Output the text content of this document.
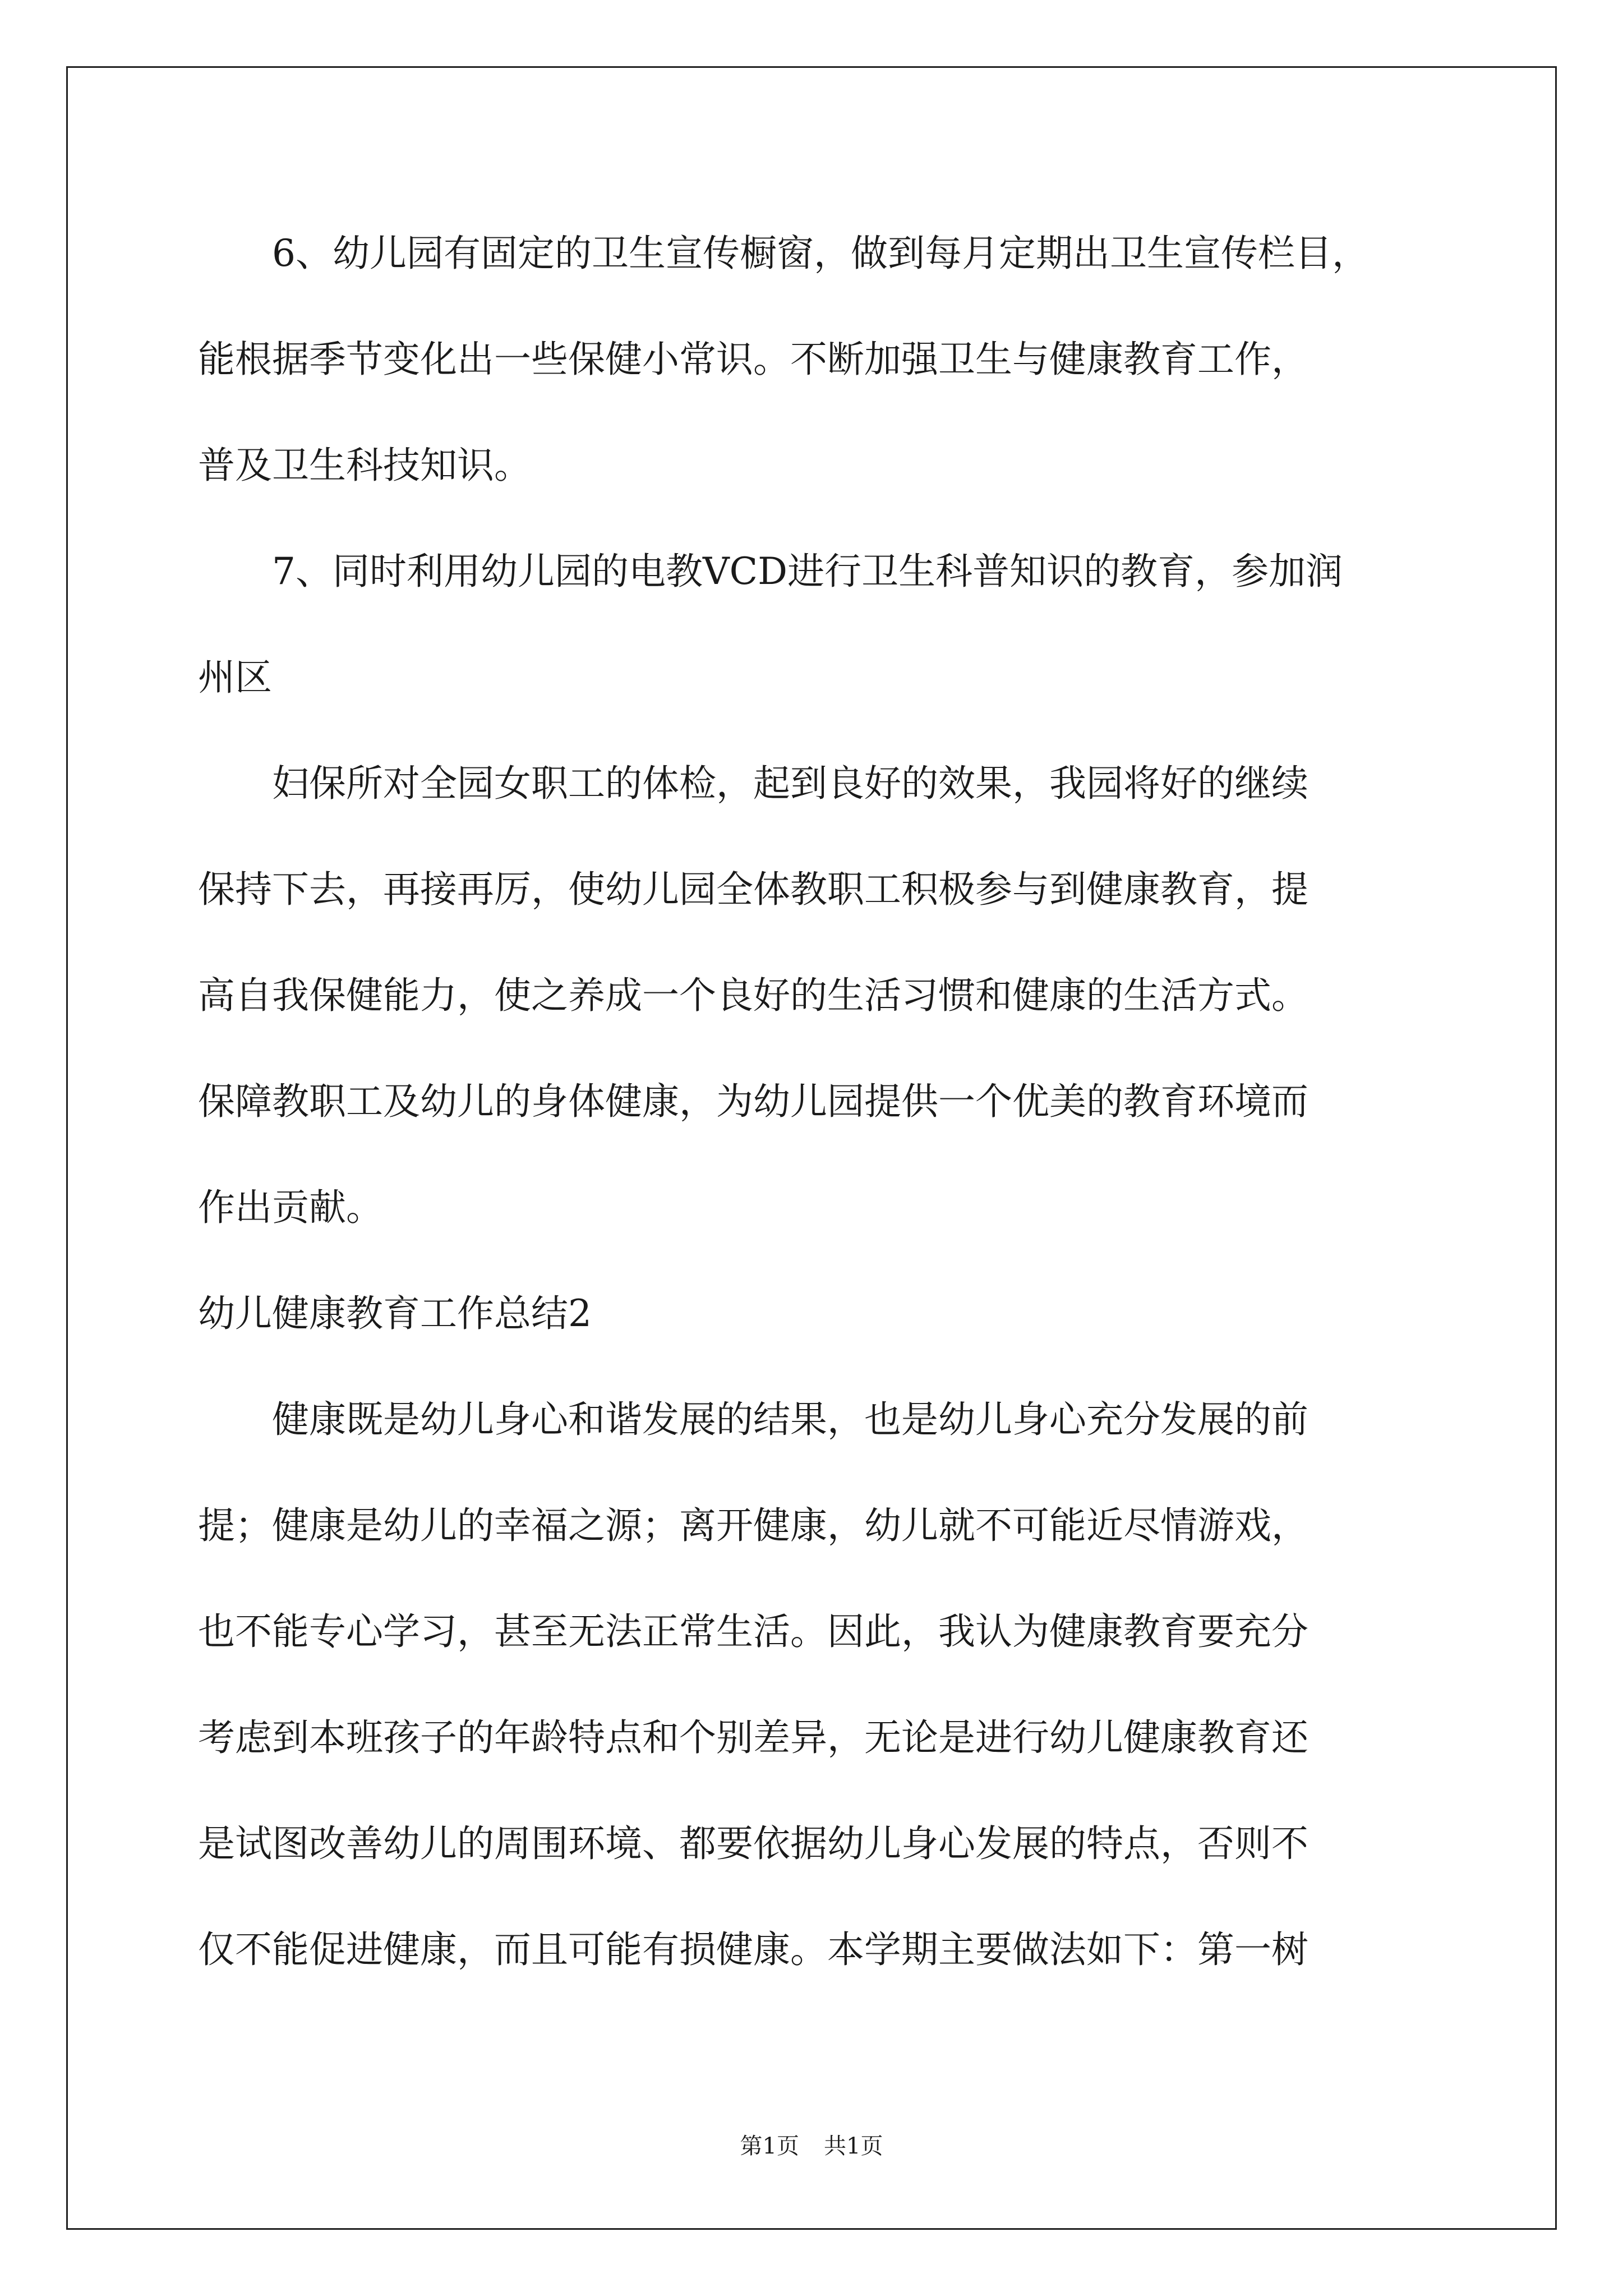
　　6、幼儿园有固定的卫生宣传橱窗，做到每月定期出卫生宣传栏目，
能根据季节变化出一些保健小常识。不断加强卫生与健康教育工作，
普及卫生科技知识。
　　7、同时利用幼儿园的电教VCD进行卫生科普知识的教育，参加润
州区
　　妇保所对全园女职工的体检，起到良好的效果，我园将好的继续
保持下去，再接再厉，使幼儿园全体教职工积极参与到健康教育，提
高自我保健能力，使之养成一个良好的生活习惯和健康的生活方式。
保障教职工及幼儿的身体健康，为幼儿园提供一个优美的教育环境而
作出贡献。
幼儿健康教育工作总结2
　　健康既是幼儿身心和谐发展的结果，也是幼儿身心充分发展的前
提；健康是幼儿的幸福之源；离开健康，幼儿就不可能近尽情游戏，
也不能专心学习，甚至无法正常生活。因此，我认为健康教育要充分
考虑到本班孩子的年龄特点和个别差异，无论是进行幼儿健康教育还
是试图改善幼儿的周围环境、都要依据幼儿身心发展的特点，否则不
仅不能促进健康，而且可能有损健康。本学期主要做法如下：第一树
第1页 共1页
